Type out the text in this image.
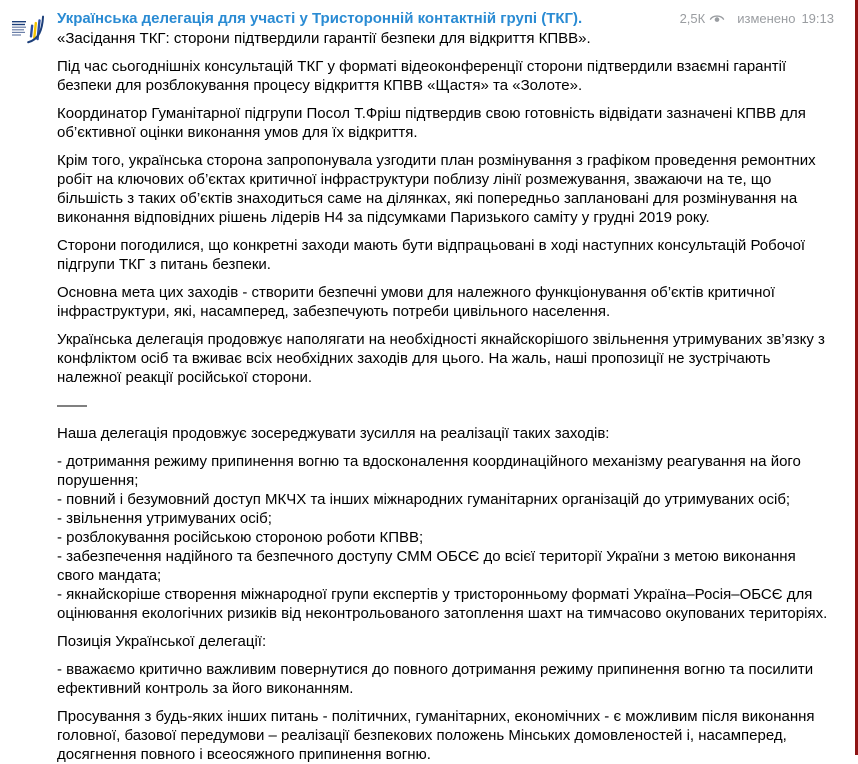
Українська делегація для участі у Тристоронній контактній групі (ТКГ).	2,5К изменено 19:13

«Засідання ТКГ: сторони підтвердили гарантії безпеки для відкриття КПВВ».

Під час сьогоднішніх консультацій ТКГ у форматі відеоконференції сторони підтвердили взаємні гарантії безпеки для розблокування процесу відкриття КПВВ «Щастя» та «Золоте».

Координатор Гуманітарної підгрупи Посол Т.Фріш підтвердив свою готовність відвідати зазначені КПВВ для об’єктивної оцінки виконання умов для їх відкриття.

Крім того, українська сторона запропонувала узгодити план розмінування з графіком проведення ремонтних робіт на ключових об’єктах критичної інфраструктури поблизу лінії розмежування, зважаючи на те, що більшість з таких об’єктів знаходиться саме на ділянках, які попередньо заплановані для розмінування на виконання відповідних рішень лідерів Н4 за підсумками Паризького саміту у грудні 2019 року.

Сторони погодилися, що конкретні заходи мають бути відпрацьовані в ході наступних консультацій Робочої підгрупи ТКГ з питань безпеки.

Основна мета цих заходів - створити безпечні умови для належного функціонування об’єктів критичної інфраструктури, які, насамперед, забезпечують потреби цивільного населення.

Українська делегація продовжує наполягати на необхідності якнайскорішого звільнення утримуваних зв’язку з конфліктом осіб та вживає всіх необхідних заходів для цього. На жаль, наші пропозиції не зустрічають належної реакції російської сторони.

——

Наша делегація продовжує зосереджувати зусилля на реалізації таких заходів:

- дотримання режиму припинення вогню та вдосконалення координаційного механізму реагування на його порушення;
- повний і безумовний доступ МКЧХ та інших міжнародних гуманітарних організацій до утримуваних осіб;
- звільнення утримуваних осіб;
- розблокування російською стороною роботи КПВВ;
- забезпечення надійного та безпечного доступу СММ ОБСЄ до всієї території України з метою виконання свого мандата;
- якнайскоріше створення міжнародної групи експертів у тристоронньому форматі Україна–Росія–ОБСЄ для оцінювання екологічних ризиків від неконтрольованого затоплення шахт на тимчасово окупованих територіях.

Позиція Української делегації:

- вважаємо критично важливим повернутися до повного дотримання режиму припинення вогню та посилити ефективний контроль за його виконанням.

Просування з будь-яких інших питань - політичних, гуманітарних, економічних - є можливим після виконання головної, базової передумови – реалізації безпекових положень Мінських домовленостей і, насамперед, досягнення повного і всеосяжного припинення вогню.
